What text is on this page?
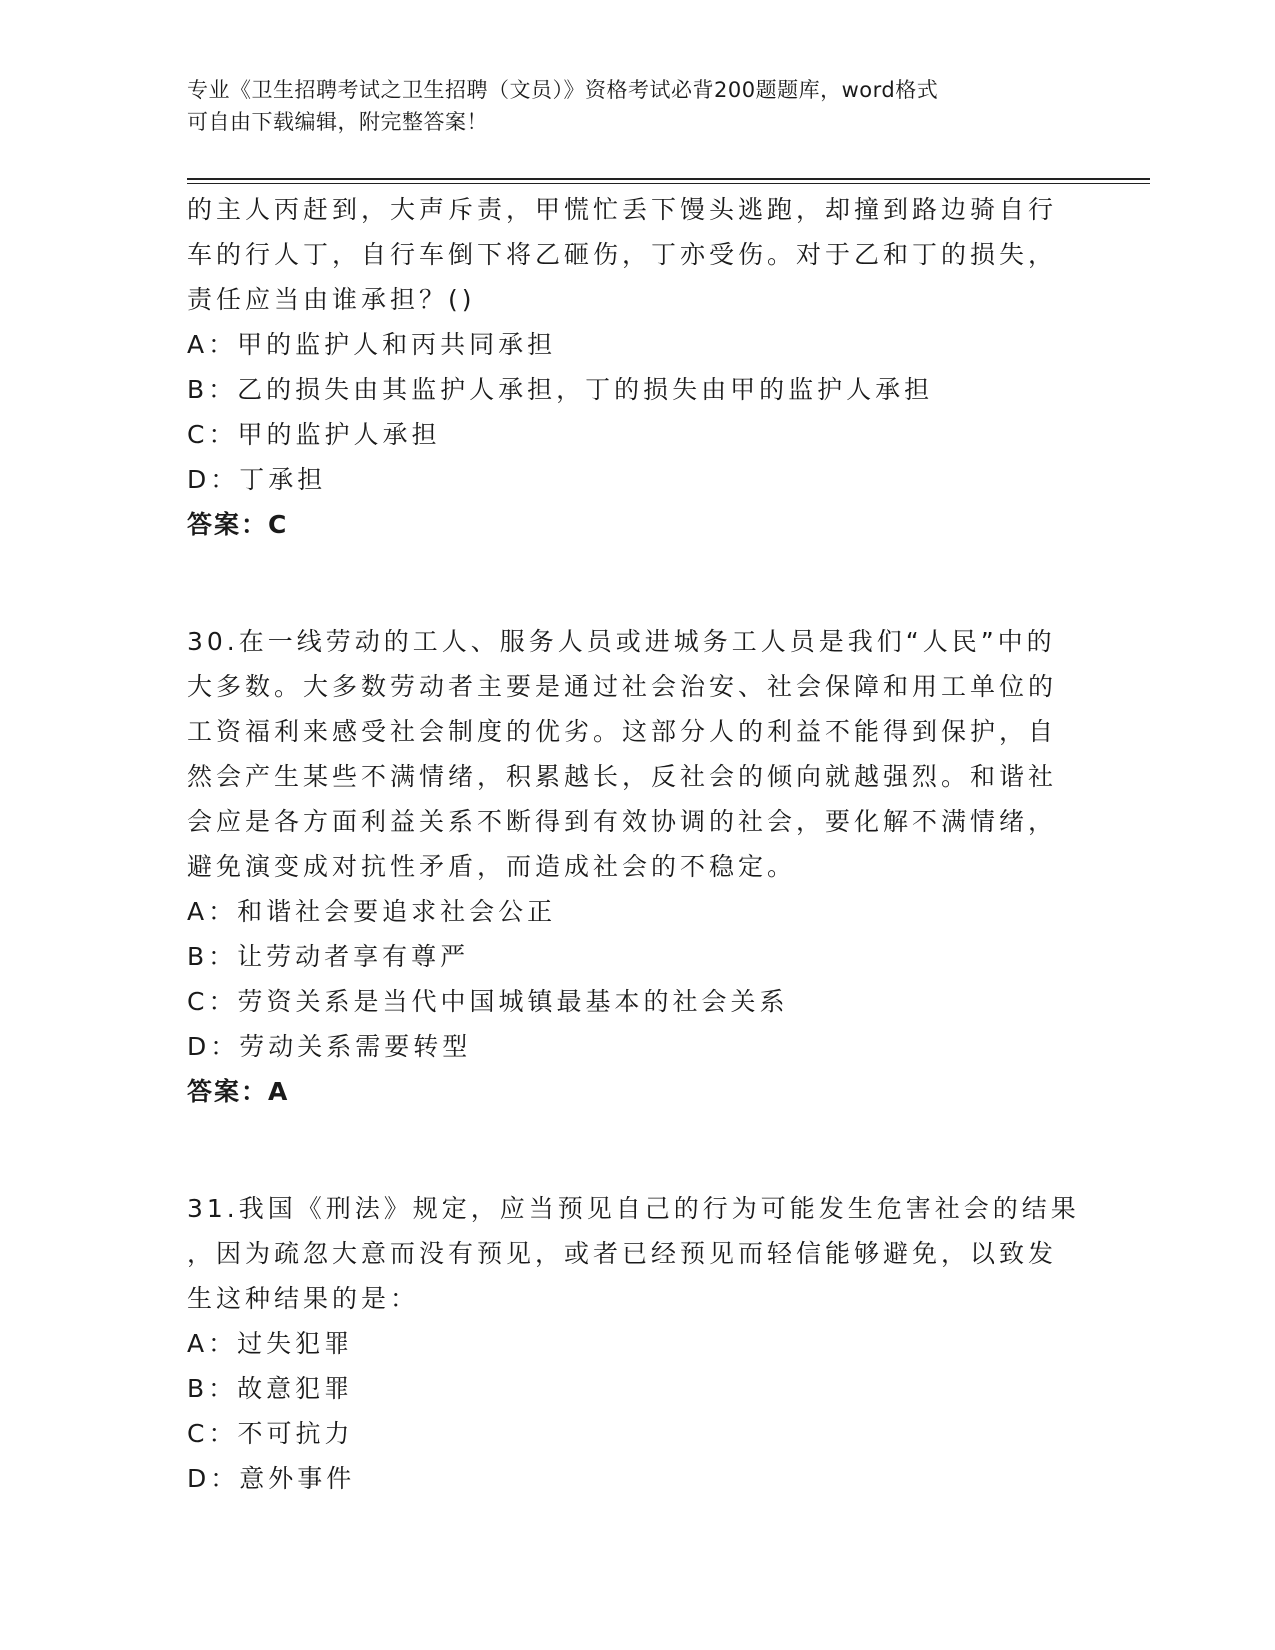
专业《卫生招聘考试之卫生招聘（文员）》资格考试必背200题题库，word格式
可自由下载编辑，附完整答案！
的主人丙赶到，大声斥责，甲慌忙丢下馒头逃跑，却撞到路边骑自行
车的行人丁，自行车倒下将乙砸伤，丁亦受伤。对于乙和丁的损失，
责任应当由谁承担？()
A：甲的监护人和丙共同承担
B：乙的损失由其监护人承担，丁的损失由甲的监护人承担
C：甲的监护人承担
D：丁承担
答案：C
30.在一线劳动的工人、服务人员或进城务工人员是我们“人民”中的
大多数。大多数劳动者主要是通过社会治安、社会保障和用工单位的
工资福利来感受社会制度的优劣。这部分人的利益不能得到保护，自
然会产生某些不满情绪，积累越长，反社会的倾向就越强烈。和谐社
会应是各方面利益关系不断得到有效协调的社会，要化解不满情绪，
避免演变成对抗性矛盾，而造成社会的不稳定。
A：和谐社会要追求社会公正
B：让劳动者享有尊严
C：劳资关系是当代中国城镇最基本的社会关系
D：劳动关系需要转型
答案：A
31.我国《刑法》规定，应当预见自己的行为可能发生危害社会的结果
，因为疏忽大意而没有预见，或者已经预见而轻信能够避免，以致发
生这种结果的是：
A：过失犯罪
B：故意犯罪
C：不可抗力
D：意外事件
